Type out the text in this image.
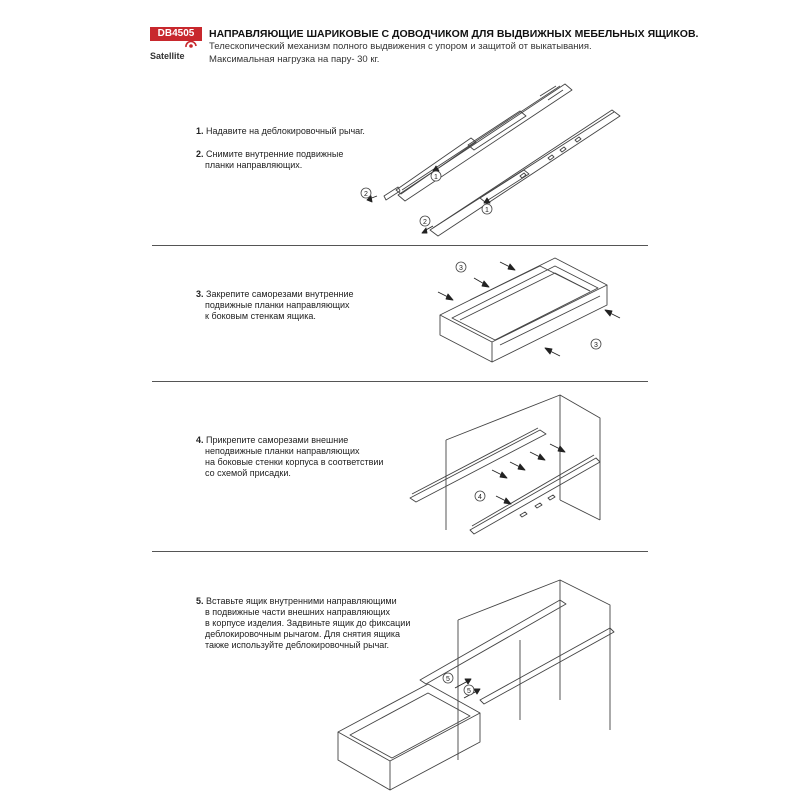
DB4505
Satellite
НАПРАВЛЯЮЩИЕ ШАРИКОВЫЕ С ДОВОДЧИКОМ ДЛЯ ВЫДВИЖНЫХ МЕБЕЛЬНЫХ ЯЩИКОВ.
Телескопический механизм полного выдвижения с упором и защитой от выкатывания.
Максимальная нагрузка на пару- 30 кг.
1. Надавите на деблокировочный рычаг.
2. Снимите внутренние подвижные
планки направляющих.
3. Закрепите саморезами внутренние
подвижные планки направляющих
к боковым стенкам ящика.
4. Прикрепите саморезами внешние
неподвижные планки направляющих
на боковые стенки корпуса в соответствии
со схемой присадки.
5. Вставьте ящик внутренними направляющими
в подвижные части внешних направляющих
в корпусе изделия. Задвиньте ящик до фиксации
деблокировочным рычагом. Для снятия ящика
также используйте деблокировочный рычаг.
1
1
2
2
3
3
4
5
5
